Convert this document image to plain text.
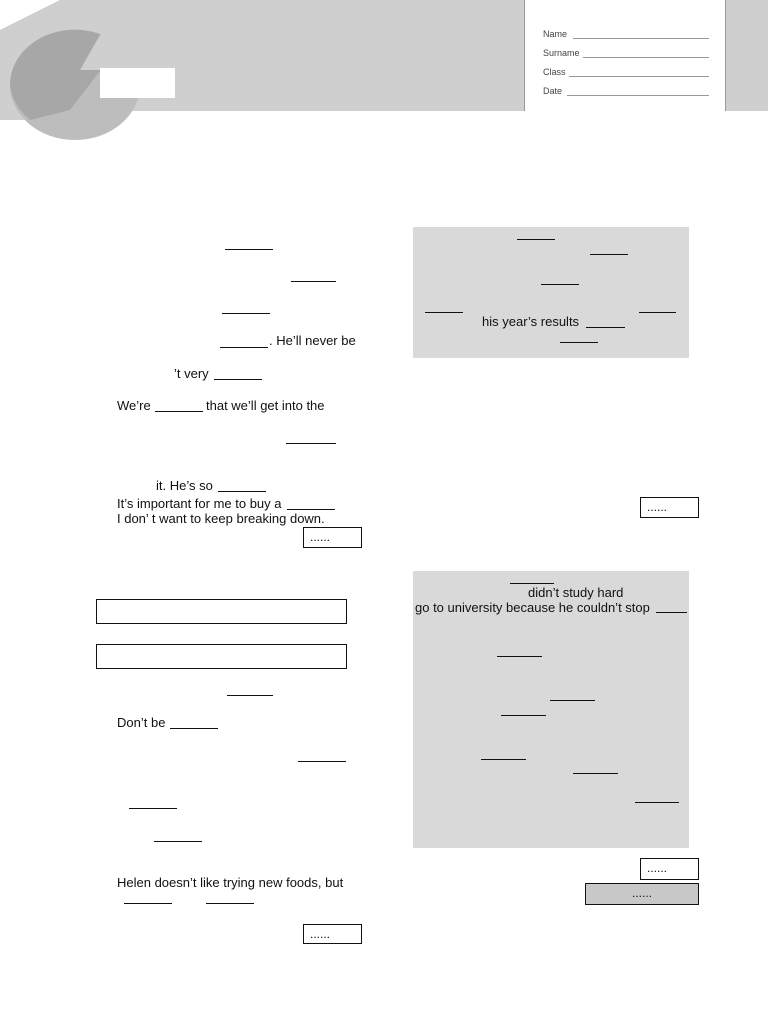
Name
Surname
Class
Date
. He’ll never be
’t very
We’re	that we’ll get into the
it. He’s so
It’s important for me to buy a
I don’ t want to keep breaking down.
......
Don’t be
Helen doesn’t like trying new foods, but
......
his year’s results
......
didn’t study hard
go to university because he couldn’t stop
......
......
